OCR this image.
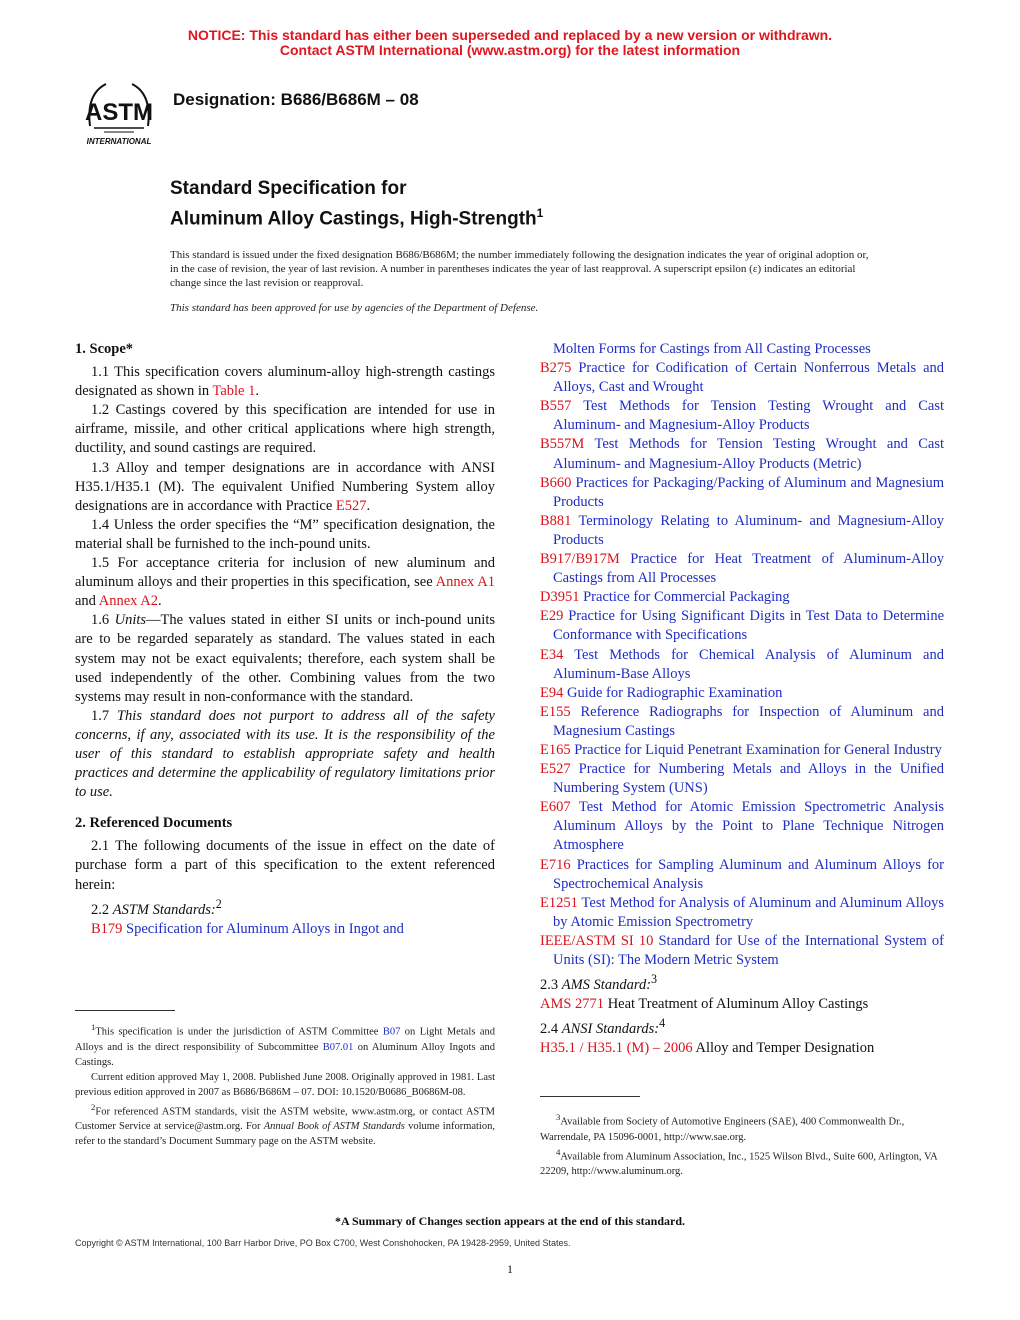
NOTICE: This standard has either been superseded and replaced by a new version or withdrawn.
Contact ASTM International (www.astm.org) for the latest information
ASTM
INTERNATIONAL
Designation: B686/B686M – 08
Standard Specification for
Aluminum Alloy Castings, High-Strength$^1$
This standard is issued under the fixed designation B686/B686M; the number immediately following the designation indicates the year of original adoption or, in the case of revision, the year of last revision. A number in parentheses indicates the year of last reapproval. A superscript epsilon (ε) indicates an editorial change since the last revision or reapproval.
This standard has been approved for use by agencies of the Department of Defense.

1. Scope*

1.1 This specification covers aluminum-alloy high-strength castings designated as shown in Table 1.

1.2 Castings covered by this specification are intended for use in airframe, missile, and other critical applications where high strength, ductility, and sound castings are required.

1.3 Alloy and temper designations are in accordance with ANSI H35.1/H35.1 (M). The equivalent Unified Numbering System alloy designations are in accordance with Practice E527.

1.4 Unless the order specifies the “M” specification designation, the material shall be furnished to the inch-pound units.

1.5 For acceptance criteria for inclusion of new aluminum and aluminum alloys and their properties in this specification, see Annex A1 and Annex A2.

1.6 Units—The values stated in either SI units or inch-pound units are to be regarded separately as standard. The values stated in each system may not be exact equivalents; therefore, each system shall be used independently of the other. Combining values from the two systems may result in non-conformance with the standard.

1.7 This standard does not purport to address all of the safety concerns, if any, associated with its use. It is the responsibility of the user of this standard to establish appropriate safety and health practices and determine the applicability of regulatory limitations prior to use.

2. Referenced Documents

2.1 The following documents of the issue in effect on the date of purchase form a part of this specification to the extent referenced herein:

2.2 ASTM Standards:$^2$

B179 Specification for Aluminum Alloys in Ingot and

$^1$This specification is under the jurisdiction of ASTM Committee B07 on Light Metals and Alloys and is the direct responsibility of Subcommittee B07.01 on Aluminum Alloy Ingots and Castings.

Current edition approved May 1, 2008. Published June 2008. Originally approved in 1981. Last previous edition approved in 2007 as B686/B686M – 07. DOI: 10.1520/B0686_B0686M-08.

$^2$For referenced ASTM standards, visit the ASTM website, www.astm.org, or contact ASTM Customer Service at service@astm.org. For Annual Book of ASTM Standards volume information, refer to the standard’s Document Summary page on the ASTM website.

Molten Forms for Castings from All Casting Processes

B275 Practice for Codification of Certain Nonferrous Metals and Alloys, Cast and Wrought

B557 Test Methods for Tension Testing Wrought and Cast Aluminum- and Magnesium-Alloy Products

B557M Test Methods for Tension Testing Wrought and Cast Aluminum- and Magnesium-Alloy Products (Metric)

B660 Practices for Packaging/Packing of Aluminum and Magnesium Products

B881 Terminology Relating to Aluminum- and Magnesium-Alloy Products

B917/B917M Practice for Heat Treatment of Aluminum-Alloy Castings from All Processes

D3951 Practice for Commercial Packaging

E29 Practice for Using Significant Digits in Test Data to Determine Conformance with Specifications

E34 Test Methods for Chemical Analysis of Aluminum and Aluminum-Base Alloys

E94 Guide for Radiographic Examination

E155 Reference Radiographs for Inspection of Aluminum and Magnesium Castings

E165 Practice for Liquid Penetrant Examination for General Industry

E527 Practice for Numbering Metals and Alloys in the Unified Numbering System (UNS)

E607 Test Method for Atomic Emission Spectrometric Analysis Aluminum Alloys by the Point to Plane Technique Nitrogen Atmosphere

E716 Practices for Sampling Aluminum and Aluminum Alloys for Spectrochemical Analysis

E1251 Test Method for Analysis of Aluminum and Aluminum Alloys by Atomic Emission Spectrometry

IEEE/ASTM SI 10 Standard for Use of the International System of Units (SI): The Modern Metric System

2.3 AMS Standard:$^3$

AMS 2771 Heat Treatment of Aluminum Alloy Castings

2.4 ANSI Standards:$^4$

H35.1 / H35.1 (M) – 2006 Alloy and Temper Designation

$^3$Available from Society of Automotive Engineers (SAE), 400 Commonwealth Dr., Warrendale, PA 15096-0001, http://www.sae.org.

$^4$Available from Aluminum Association, Inc., 1525 Wilson Blvd., Suite 600, Arlington, VA 22209, http://www.aluminum.org.

*A Summary of Changes section appears at the end of this standard.
Copyright © ASTM International, 100 Barr Harbor Drive, PO Box C700, West Conshohocken, PA 19428-2959, United States.
1
